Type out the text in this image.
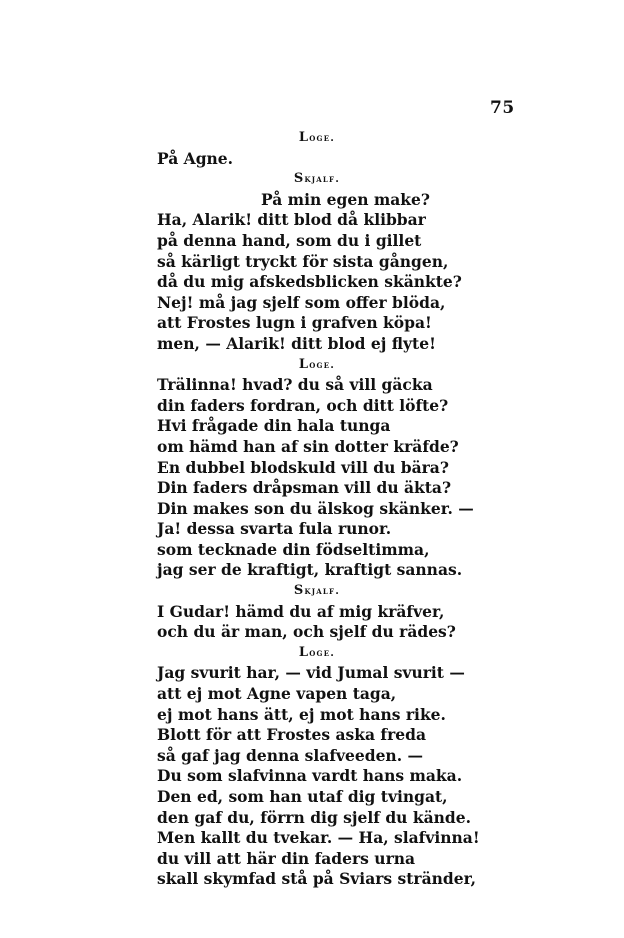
75
Loge.
På Agne.
Skjalf.
På min egen make?
Ha, Alarik! ditt blod då klibbar
på denna hand, som du i gillet
så kärligt tryckt för sista gången,
då du mig afskedsblicken skänkte?
Nej! må jag sjelf som offer blöda,
att Frostes lugn i grafven köpa!
men, — Alarik! ditt blod ej flyte!
Loge.
Trälinna! hvad? du så vill gäcka
din faders fordran, och ditt löfte?
Hvi frågade din hala tunga
om hämd han af sin dotter kräfde?
En dubbel blodskuld vill du bära?
Din faders dråpsman vill du äkta?
Din makes son du älskog skänker. —
Ja! dessa svarta fula runor.
som tecknade din födseltimma,
jag ser de kraftigt, kraftigt sannas.
Skjalf.
I Gudar! hämd du af mig kräfver,
och du är man, och sjelf du rädes?
Loge.
Jag svurit har, — vid Jumal svurit —
att ej mot Agne vapen taga,
ej mot hans ätt, ej mot hans rike.
Blott för att Frostes aska freda
så gaf jag denna slafveeden. —
Du som slafvinna vardt hans maka.
Den ed, som han utaf dig tvingat,
den gaf du, förrn dig sjelf du kände.
Men kallt du tvekar. — Ha, slafvinna!
du vill att här din faders urna
skall skymfad stå på Sviars stränder,
